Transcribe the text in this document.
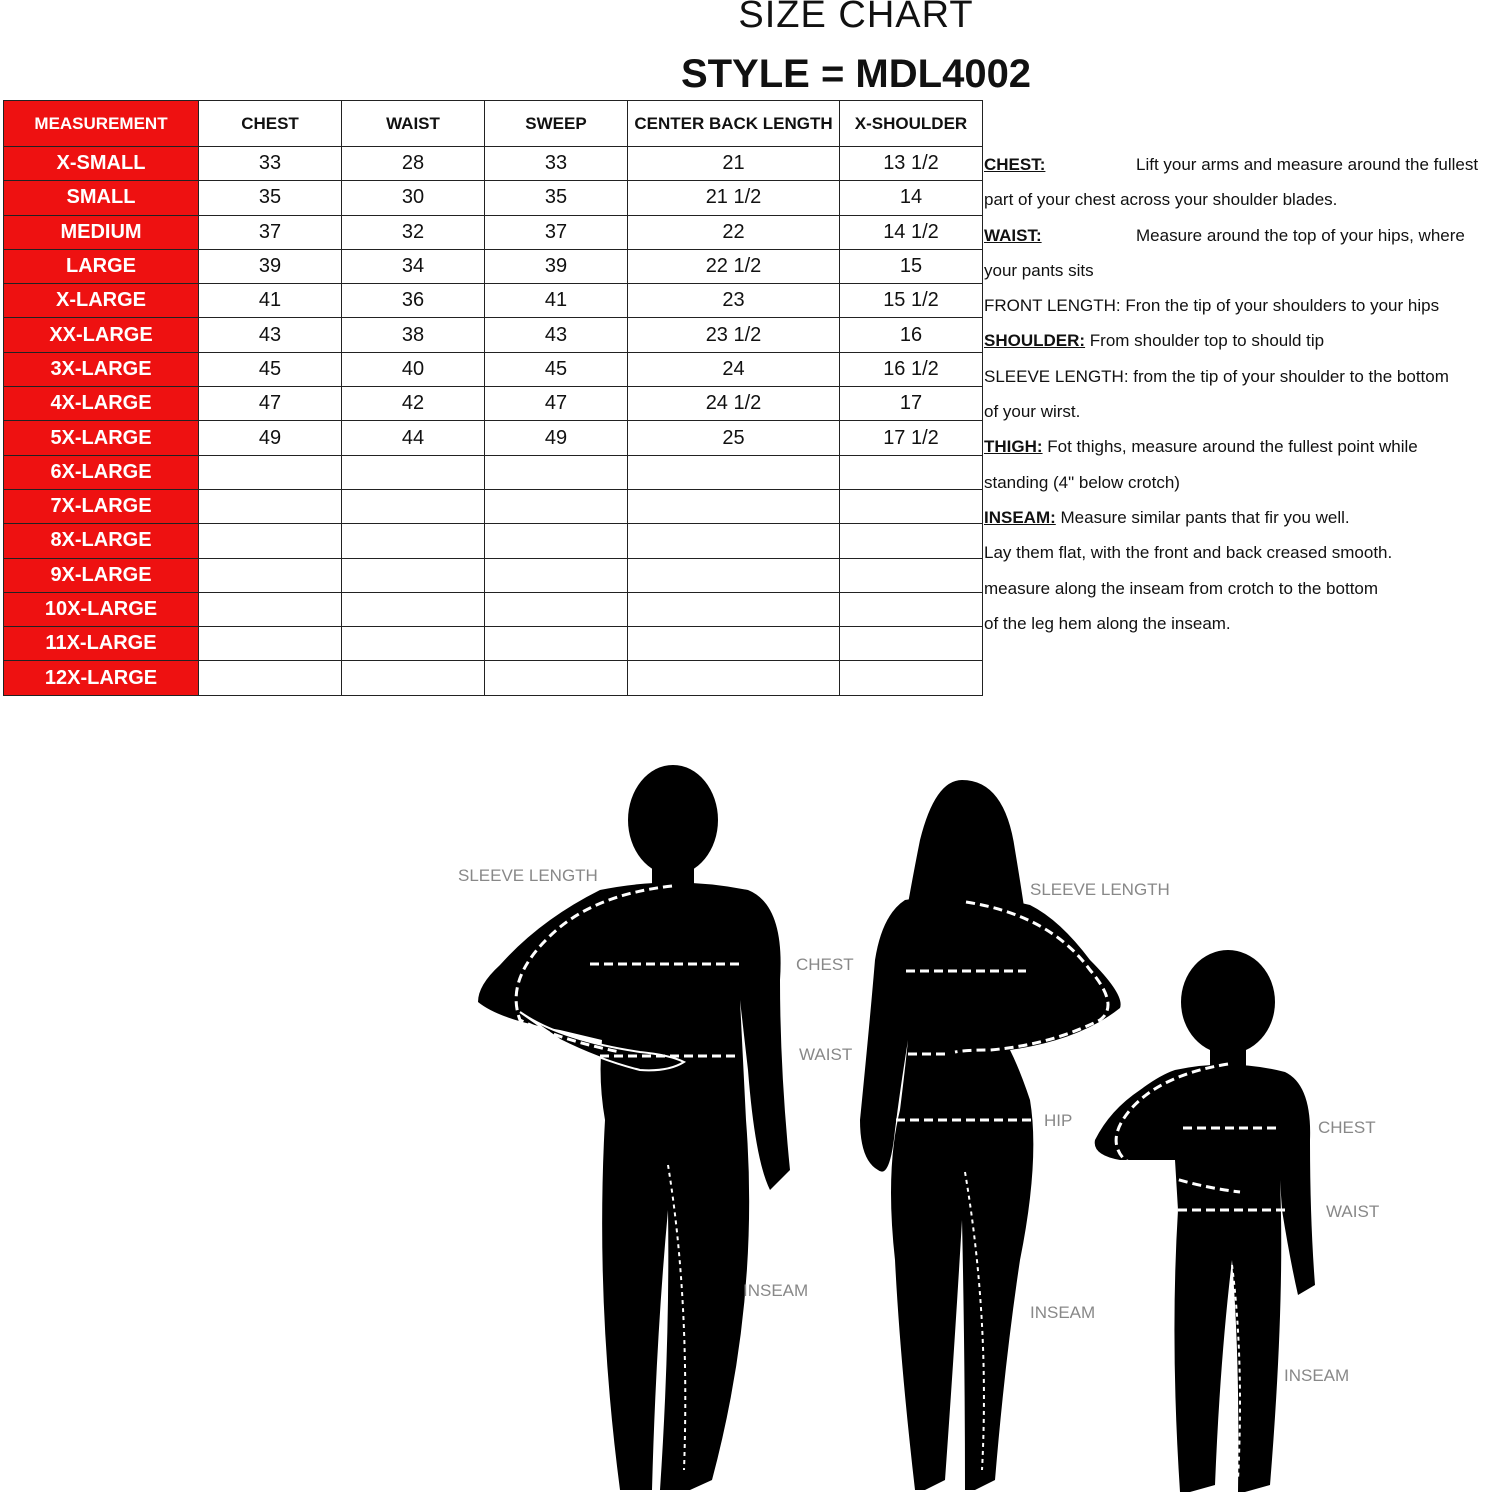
SIZE CHART
STYLE = MDL4002
MEASUREMENT	CHEST	WAIST	SWEEP	CENTER BACK LENGTH	X-SHOULDER
X-SMALL	33	28	33	21	13 1/2
SMALL	35	30	35	21 1/2	14
MEDIUM	37	32	37	22	14 1/2
LARGE	39	34	39	22 1/2	15
X-LARGE	41	36	41	23	15 1/2
XX-LARGE	43	38	43	23 1/2	16
3X-LARGE	45	40	45	24	16 1/2
4X-LARGE	47	42	47	24 1/2	17
5X-LARGE	49	44	49	25	17 1/2
6X-LARGE					
7X-LARGE					
8X-LARGE					
9X-LARGE					
10X-LARGE					
11X-LARGE					
12X-LARGE					
CHEST:	Lift your arms and measure around the fullest
part of your chest across your shoulder blades.
WAIST:	Measure around the top of your hips, where
your pants sits
FRONT LENGTH: Fron the tip of your shoulders to your hips
SHOULDER: From shoulder top to should tip
SLEEVE LENGTH: from the tip of your shoulder to the bottom
of your wirst.
THIGH: Fot thighs, measure around the fullest point while
standing (4" below crotch)
INSEAM: Measure similar pants that fir you well.
Lay them flat, with the front and back creased smooth.
measure along the inseam from crotch to the bottom
of the leg hem along the inseam.
SLEEVE LENGTH
CHEST
WAIST
INSEAM
SLEEVE LENGTH
HIP
INSEAM
CHEST
WAIST
INSEAM
